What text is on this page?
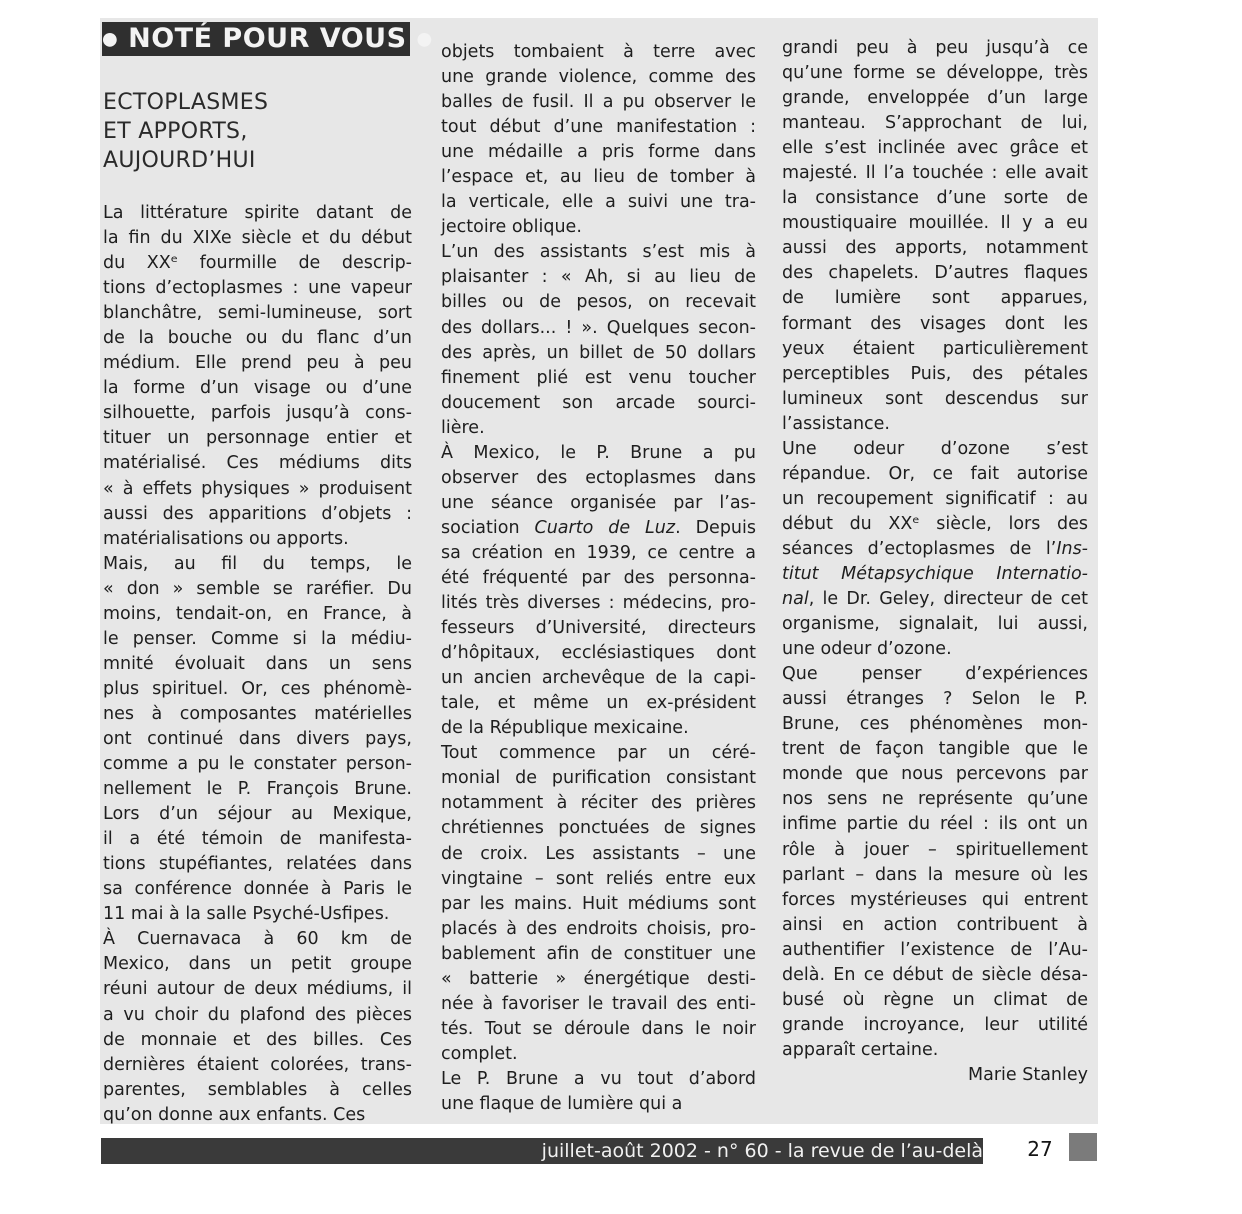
● NOTÉ POUR VOUS ●
ECTOPLASMES
ET APPORTS,
AUJOURD’HUI
La littérature spirite datant de
la fin du XIXe siècle et du début
du XXᵉ fourmille de descrip-
tions d’ectoplasmes : une vapeur
blanchâtre, semi-lumineuse, sort
de la bouche ou du flanc d’un
médium. Elle prend peu à peu
la forme d’un visage ou d’une
silhouette, parfois jusqu’à cons-
tituer un personnage entier et
matérialisé. Ces médiums dits
« à effets physiques » produisent
aussi des apparitions d’objets :
matérialisations ou apports.
Mais, au fil du temps, le
« don » semble se raréfier. Du
moins, tendait-on, en France, à
le penser. Comme si la médiu-
mnité évoluait dans un sens
plus spirituel. Or, ces phénomè-
nes à composantes matérielles
ont continué dans divers pays,
comme a pu le constater person-
nellement le P. François Brune.
Lors d’un séjour au Mexique,
il a été témoin de manifesta-
tions stupéfiantes, relatées dans
sa conférence donnée à Paris le
11 mai à la salle Psyché-Usfipes.
À Cuernavaca à 60 km de
Mexico, dans un petit groupe
réuni autour de deux médiums, il
a vu choir du plafond des pièces
de monnaie et des billes. Ces
dernières étaient colorées, trans-
parentes, semblables à celles
qu’on donne aux enfants. Ces
objets tombaient à terre avec
une grande violence, comme des
balles de fusil. Il a pu observer le
tout début d’une manifestation :
une médaille a pris forme dans
l’espace et, au lieu de tomber à
la verticale, elle a suivi une tra-
jectoire oblique.
L’un des assistants s’est mis à
plaisanter : « Ah, si au lieu de
billes ou de pesos, on recevait
des dollars... ! ». Quelques secon-
des après, un billet de 50 dollars
finement plié est venu toucher
doucement son arcade sourci-
lière.
À Mexico, le P. Brune a pu
observer des ectoplasmes dans
une séance organisée par l’as-
sociation Cuarto de Luz. Depuis
sa création en 1939, ce centre a
été fréquenté par des personna-
lités très diverses : médecins, pro-
fesseurs d’Université, directeurs
d’hôpitaux, ecclésiastiques dont
un ancien archevêque de la capi-
tale, et même un ex-président
de la République mexicaine.
Tout commence par un céré-
monial de purification consistant
notamment à réciter des prières
chrétiennes ponctuées de signes
de croix. Les assistants – une
vingtaine – sont reliés entre eux
par les mains. Huit médiums sont
placés à des endroits choisis, pro-
bablement afin de constituer une
« batterie » énergétique desti-
née à favoriser le travail des enti-
tés. Tout se déroule dans le noir
complet.
Le P. Brune a vu tout d’abord
une flaque de lumière qui a
grandi peu à peu jusqu’à ce
qu’une forme se développe, très
grande, enveloppée d’un large
manteau. S’approchant de lui,
elle s’est inclinée avec grâce et
majesté. Il l’a touchée : elle avait
la consistance d’une sorte de
moustiquaire mouillée. Il y a eu
aussi des apports, notamment
des chapelets. D’autres flaques
de lumière sont apparues,
formant des visages dont les
yeux étaient particulièrement
perceptibles Puis, des pétales
lumineux sont descendus sur
l’assistance.
Une odeur d’ozone s’est
répandue. Or, ce fait autorise
un recoupement significatif : au
début du XXᵉ siècle, lors des
séances d’ectoplasmes de l’Ins-
titut Métapsychique Internatio-
nal, le Dr. Geley, directeur de cet
organisme, signalait, lui aussi,
une odeur d’ozone.
Que penser d’expériences
aussi étranges ? Selon le P.
Brune, ces phénomènes mon-
trent de façon tangible que le
monde que nous percevons par
nos sens ne représente qu’une
infime partie du réel : ils ont un
rôle à jouer – spirituellement
parlant – dans la mesure où les
forces mystérieuses qui entrent
ainsi en action contribuent à
authentifier l’existence de l’Au-
delà. En ce début de siècle désa-
busé où règne un climat de
grande incroyance, leur utilité
apparaît certaine.
Marie Stanley
juillet-août 2002 - n° 60 - la revue de l’au-delà	27
